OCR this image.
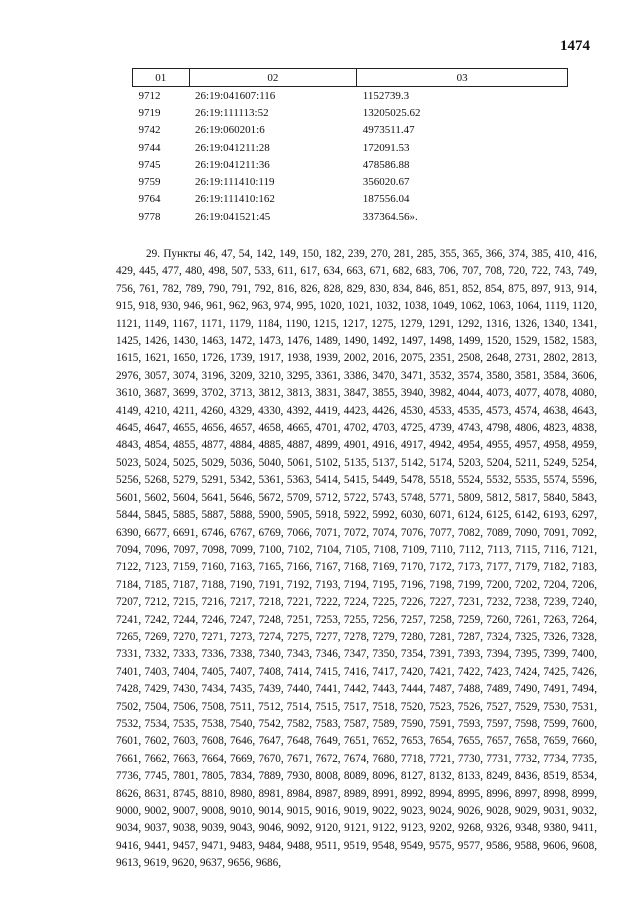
1474
01	02	03
9712	26:19:041607:116	1152739.3
9719	26:19:111113:52	13205025.62
9742	26:19:060201:6	4973511.47
9744	26:19:041211:28	172091.53
9745	26:19:041211:36	478586.88
9759	26:19:111410:119	356020.67
9764	26:19:111410:162	187556.04
9778	26:19:041521:45	337364.56».

29. Пункты 46, 47, 54, 142, 149, 150, 182, 239, 270, 281, 285, 355, 365, 366, 374, 385, 410, 416, 429, 445, 477, 480, 498, 507, 533, 611, 617, 634, 663, 671, 682, 683, 706, 707, 708, 720, 722, 743, 749, 756, 761, 782, 789, 790, 791, 792, 816, 826, 828, 829, 830, 834, 846, 851, 852, 854, 875, 897, 913, 914, 915, 918, 930, 946, 961, 962, 963, 974, 995, 1020, 1021, 1032, 1038, 1049, 1062, 1063, 1064, 1119, 1120, 1121, 1149, 1167, 1171, 1179, 1184, 1190, 1215, 1217, 1275, 1279, 1291, 1292, 1316, 1326, 1340, 1341, 1425, 1426, 1430, 1463, 1472, 1473, 1476, 1489, 1490, 1492, 1497, 1498, 1499, 1520, 1529, 1582, 1583, 1615, 1621, 1650, 1726, 1739, 1917, 1938, 1939, 2002, 2016, 2075, 2351, 2508, 2648, 2731, 2802, 2813, 2976, 3057, 3074, 3196, 3209, 3210, 3295, 3361, 3386, 3470, 3471, 3532, 3574, 3580, 3581, 3584, 3606, 3610, 3687, 3699, 3702, 3713, 3812, 3813, 3831, 3847, 3855, 3940, 3982, 4044, 4073, 4077, 4078, 4080, 4149, 4210, 4211, 4260, 4329, 4330, 4392, 4419, 4423, 4426, 4530, 4533, 4535, 4573, 4574, 4638, 4643, 4645, 4647, 4655, 4656, 4657, 4658, 4665, 4701, 4702, 4703, 4725, 4739, 4743, 4798, 4806, 4823, 4838, 4843, 4854, 4855, 4877, 4884, 4885, 4887, 4899, 4901, 4916, 4917, 4942, 4954, 4955, 4957, 4958, 4959, 5023, 5024, 5025, 5029, 5036, 5040, 5061, 5102, 5135, 5137, 5142, 5174, 5203, 5204, 5211, 5249, 5254, 5256, 5268, 5279, 5291, 5342, 5361, 5363, 5414, 5415, 5449, 5478, 5518, 5524, 5532, 5535, 5574, 5596, 5601, 5602, 5604, 5641, 5646, 5672, 5709, 5712, 5722, 5743, 5748, 5771, 5809, 5812, 5817, 5840, 5843, 5844, 5845, 5885, 5887, 5888, 5900, 5905, 5918, 5922, 5992, 6030, 6071, 6124, 6125, 6142, 6193, 6297, 6390, 6677, 6691, 6746, 6767, 6769, 7066, 7071, 7072, 7074, 7076, 7077, 7082, 7089, 7090, 7091, 7092, 7094, 7096, 7097, 7098, 7099, 7100, 7102, 7104, 7105, 7108, 7109, 7110, 7112, 7113, 7115, 7116, 7121, 7122, 7123, 7159, 7160, 7163, 7165, 7166, 7167, 7168, 7169, 7170, 7172, 7173, 7177, 7179, 7182, 7183, 7184, 7185, 7187, 7188, 7190, 7191, 7192, 7193, 7194, 7195, 7196, 7198, 7199, 7200, 7202, 7204, 7206, 7207, 7212, 7215, 7216, 7217, 7218, 7221, 7222, 7224, 7225, 7226, 7227, 7231, 7232, 7238, 7239, 7240, 7241, 7242, 7244, 7246, 7247, 7248, 7251, 7253, 7255, 7256, 7257, 7258, 7259, 7260, 7261, 7263, 7264, 7265, 7269, 7270, 7271, 7273, 7274, 7275, 7277, 7278, 7279, 7280, 7281, 7287, 7324, 7325, 7326, 7328, 7331, 7332, 7333, 7336, 7338, 7340, 7343, 7346, 7347, 7350, 7354, 7391, 7393, 7394, 7395, 7399, 7400, 7401, 7403, 7404, 7405, 7407, 7408, 7414, 7415, 7416, 7417, 7420, 7421, 7422, 7423, 7424, 7425, 7426, 7428, 7429, 7430, 7434, 7435, 7439, 7440, 7441, 7442, 7443, 7444, 7487, 7488, 7489, 7490, 7491, 7494, 7502, 7504, 7506, 7508, 7511, 7512, 7514, 7515, 7517, 7518, 7520, 7523, 7526, 7527, 7529, 7530, 7531, 7532, 7534, 7535, 7538, 7540, 7542, 7582, 7583, 7587, 7589, 7590, 7591, 7593, 7597, 7598, 7599, 7600, 7601, 7602, 7603, 7608, 7646, 7647, 7648, 7649, 7651, 7652, 7653, 7654, 7655, 7657, 7658, 7659, 7660, 7661, 7662, 7663, 7664, 7669, 7670, 7671, 7672, 7674, 7680, 7718, 7721, 7730, 7731, 7732, 7734, 7735, 7736, 7745, 7801, 7805, 7834, 7889, 7930, 8008, 8089, 8096, 8127, 8132, 8133, 8249, 8436, 8519, 8534, 8626, 8631, 8745, 8810, 8980, 8981, 8984, 8987, 8989, 8991, 8992, 8994, 8995, 8996, 8997, 8998, 8999, 9000, 9002, 9007, 9008, 9010, 9014, 9015, 9016, 9019, 9022, 9023, 9024, 9026, 9028, 9029, 9031, 9032, 9034, 9037, 9038, 9039, 9043, 9046, 9092, 9120, 9121, 9122, 9123, 9202, 9268, 9326, 9348, 9380, 9411, 9416, 9441, 9457, 9471, 9483, 9484, 9488, 9511, 9519, 9548, 9549, 9575, 9577, 9586, 9588, 9606, 9608, 9613, 9619, 9620, 9637, 9656, 9686,
